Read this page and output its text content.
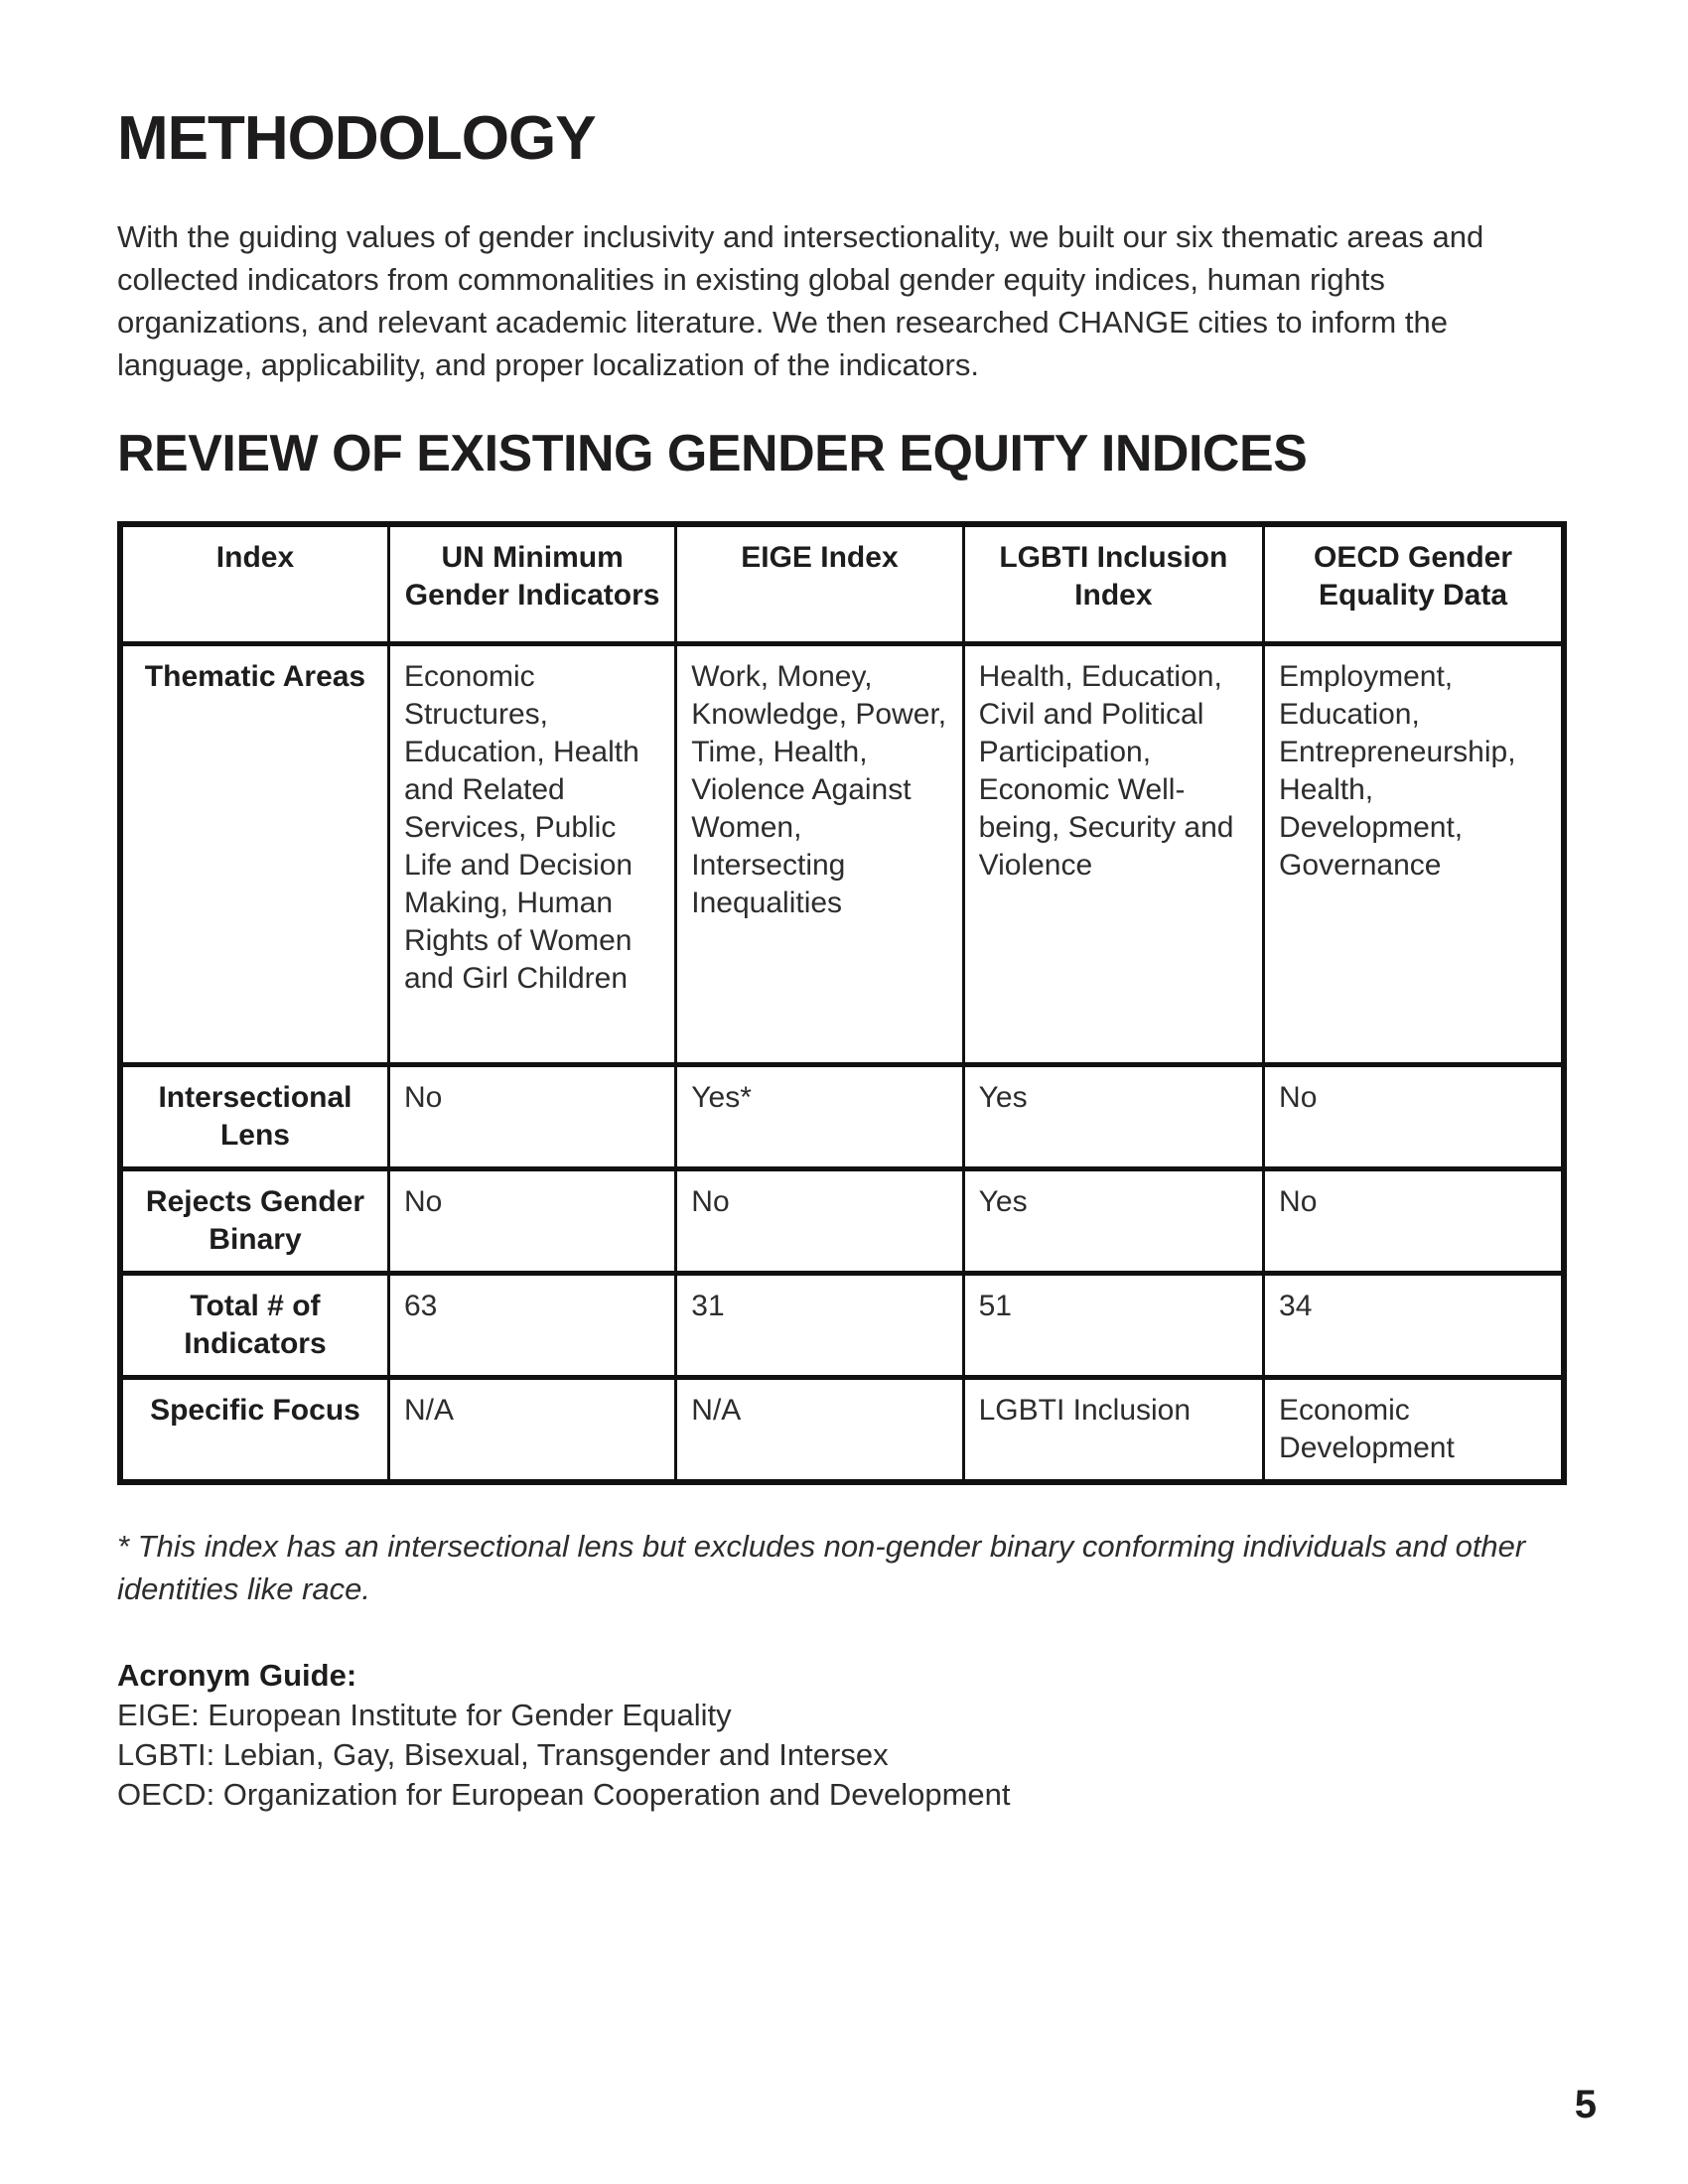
METHODOLOGY

With the guiding values of gender inclusivity and intersectionality, we built our six thematic areas and collected indicators from commonalities in existing global gender equity indices, human rights organizations, and relevant academic literature. We then researched CHANGE cities to inform the language, applicability, and proper localization of the indicators.

REVIEW OF EXISTING GENDER EQUITY INDICES
Index	UN Minimum Gender Indicators	EIGE Index	LGBTI Inclusion Index	OECD Gender Equality Data
Thematic Areas	Economic Structures, Education, Health and Related Services, Public Life and Decision Making, Human Rights of Women and Girl Children	Work, Money, Knowledge, Power, Time, Health, Violence Against Women, Intersecting Inequalities	Health, Education, Civil and Political Participation, Economic Well-being, Security and Violence	Employment, Education, Entrepreneurship, Health, Development, Governance
Intersectional Lens	No	Yes*	Yes	No
Rejects Gender Binary	No	No	Yes	No
Total # of Indicators	63	31	51	34
Specific Focus	N/A	N/A	LGBTI Inclusion	Economic Development

* This index has an intersectional lens but excludes non-gender binary conforming individuals and other identities like race.

Acronym Guide:
EIGE: European Institute for Gender Equality
LGBTI: Lebian, Gay, Bisexual, Transgender and Intersex
OECD: Organization for European Cooperation and Development
5
